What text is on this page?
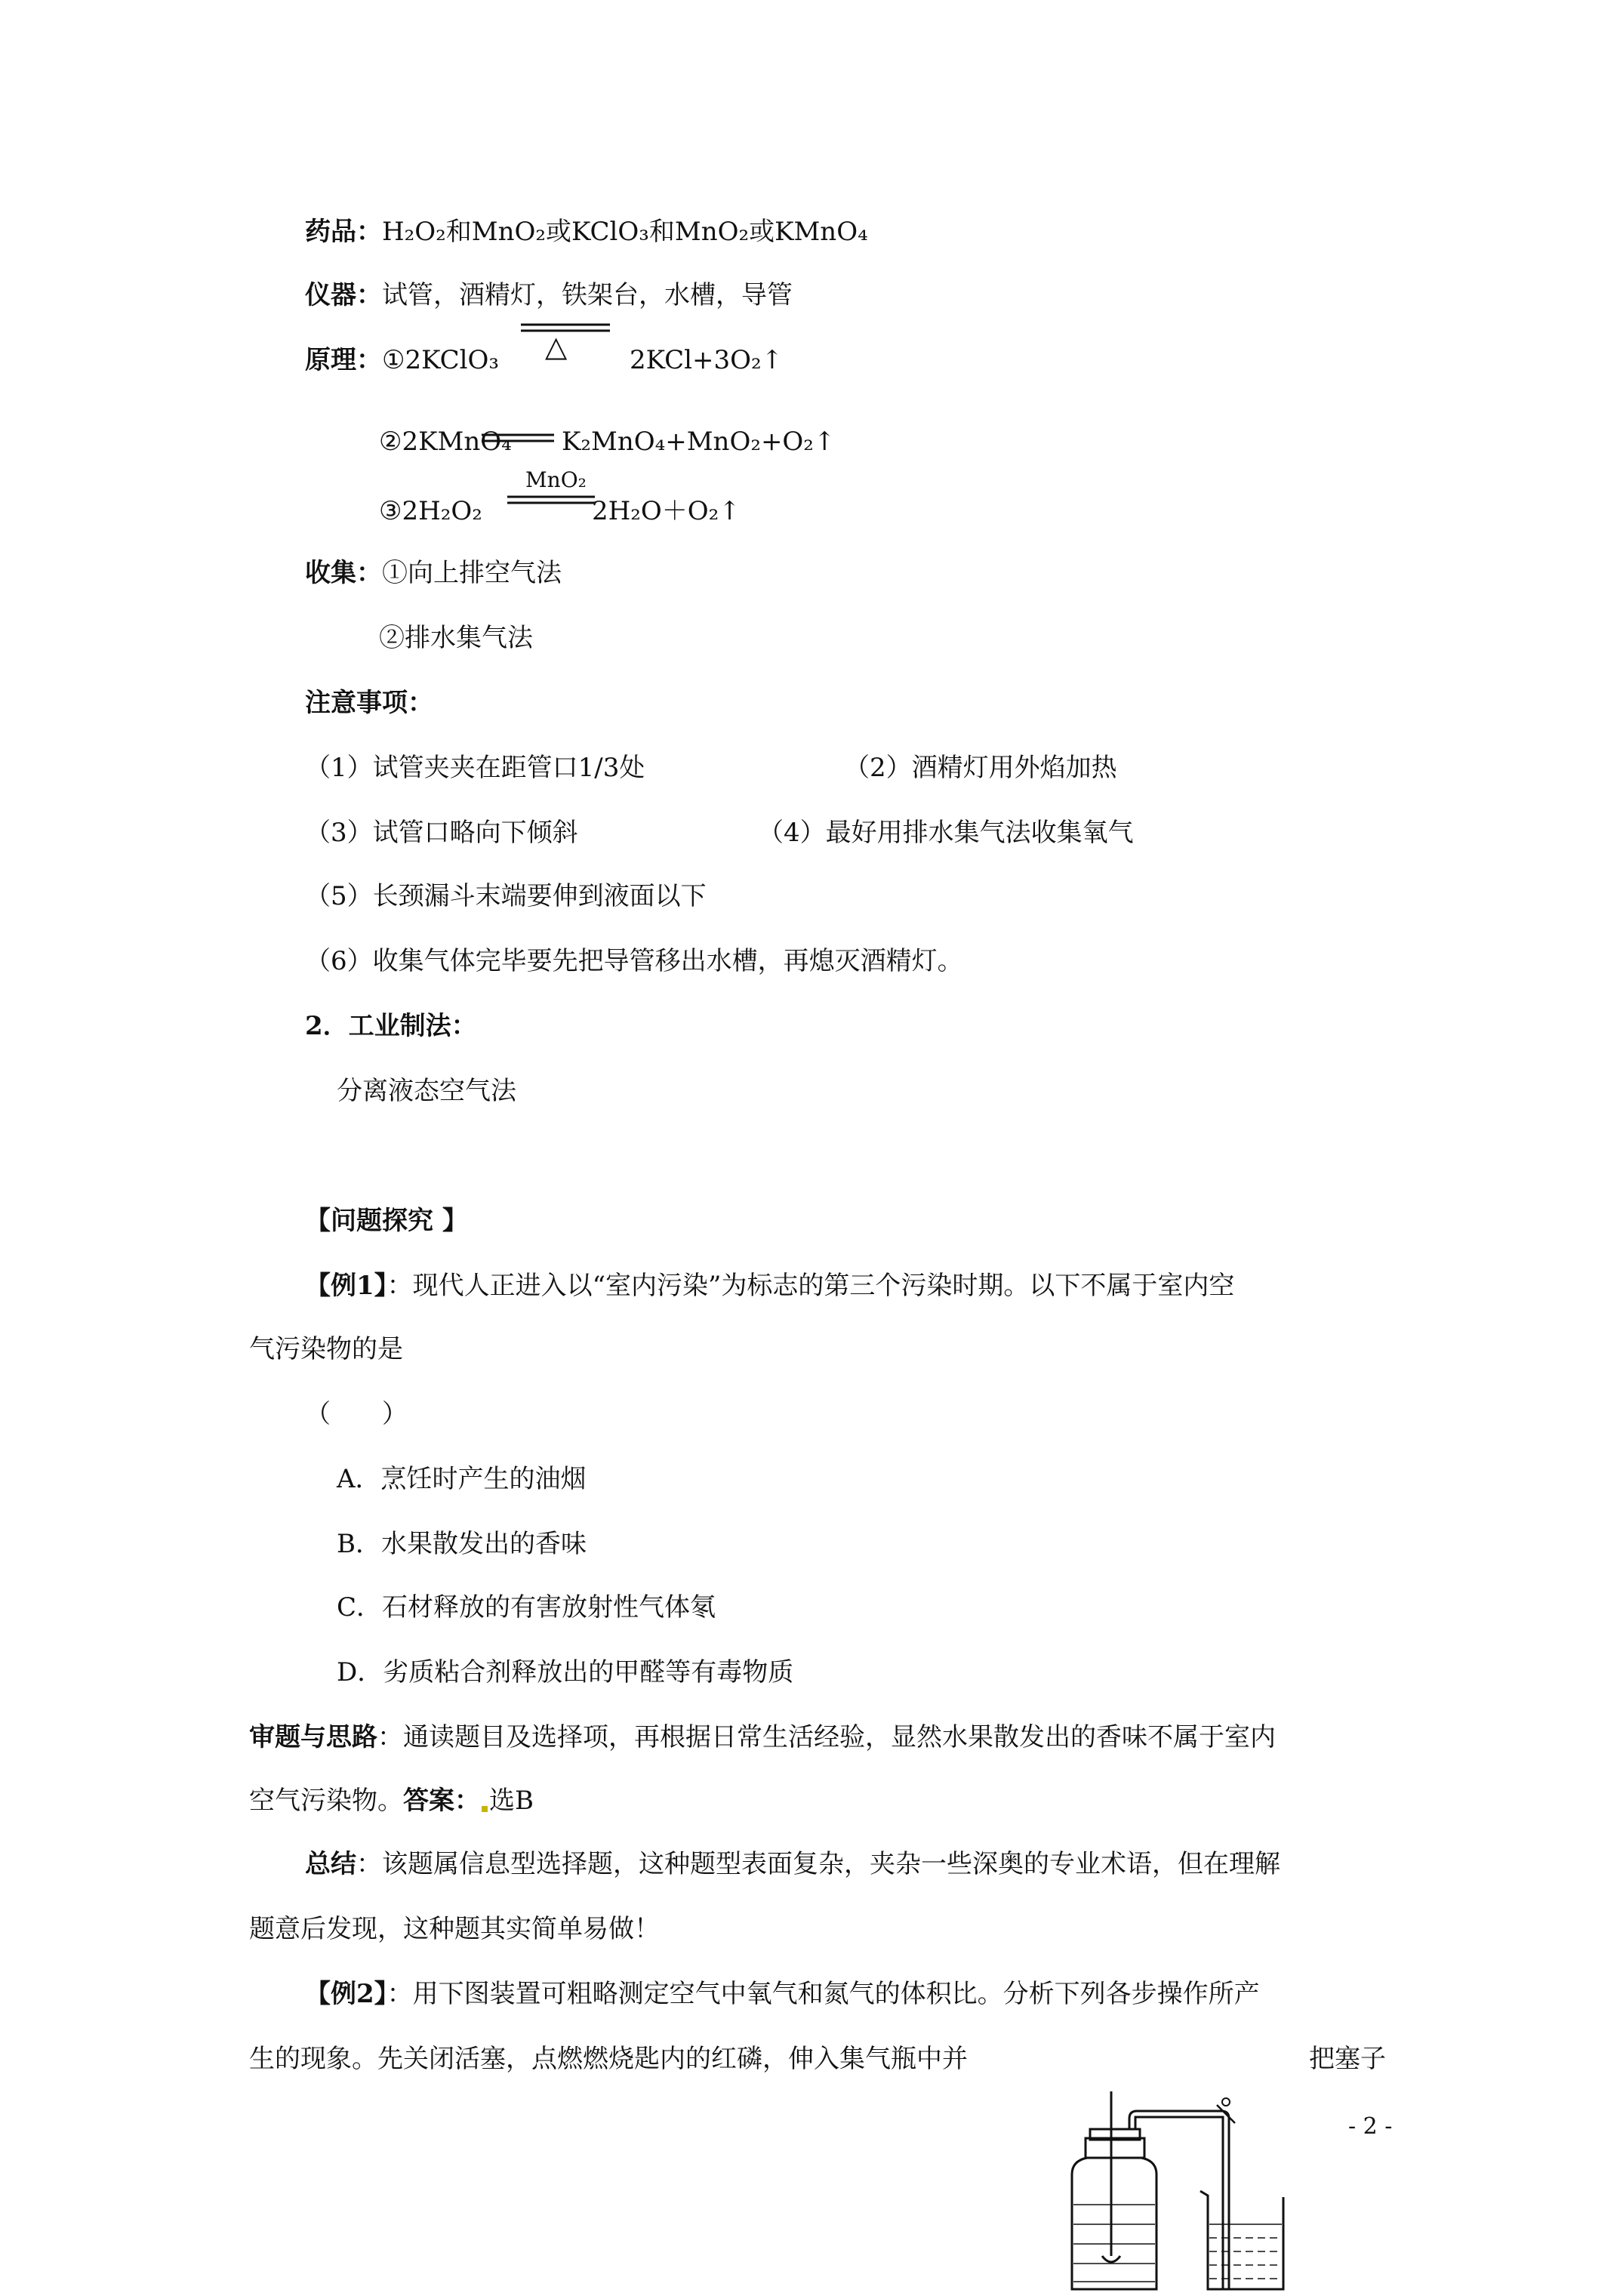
药品：H₂O₂和MnO₂或KClO₃和MnO₂或KMnO₄
仪器：试管，酒精灯，铁架台，水槽，导管
原理：①2KClO₃ △ 2KCl+3O₂↑
②2KMnO₄ K₂MnO₄+MnO₂+O₂↑
MnO₂
③2H₂O₂	2H₂O＋O₂↑
收集：①向上排空气法
②排水集气法
注意事项：
（1）试管夹夹在距管口1/3处	（2）酒精灯用外焰加热
（3）试管口略向下倾斜	（4）最好用排水集气法收集氧气
（5）长颈漏斗末端要伸到液面以下
（6）收集气体完毕要先把导管移出水槽，再熄灭酒精灯。
2．工业制法：
分离液态空气法
【问题探究 】
【例1】：现代人正进入以“室内污染”为标志的第三个污染时期。以下不属于室内空
气污染物的是
（　　）
A．烹饪时产生的油烟
B．水果散发出的香味
C．石材释放的有害放射性气体氡
D．劣质粘合剂释放出的甲醛等有毒物质
审题与思路：通读题目及选择项，再根据日常生活经验，显然水果散发出的香味不属于室内
空气污染物。答案： 选B
总结：该题属信息型选择题，这种题型表面复杂，夹杂一些深奥的专业术语，但在理解
题意后发现，这种题其实简单易做！
【例2】：用下图装置可粗略测定空气中氧气和氮气的体积比。分析下列各步操作所产
生的现象。先关闭活塞，点燃燃烧匙内的红磷，伸入集气瓶中并	把塞子
- 2 -
